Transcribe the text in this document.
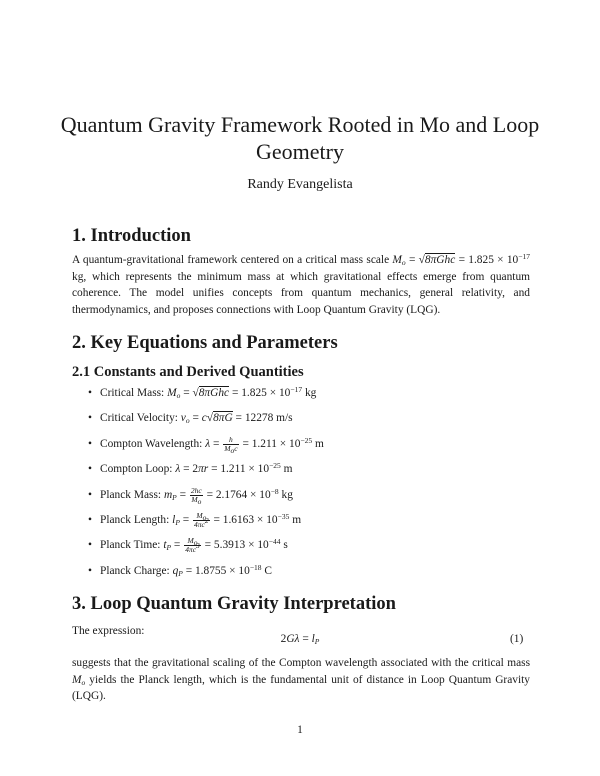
Quantum Gravity Framework Rooted in Mo and Loop Geometry
Randy Evangelista
1. Introduction
A quantum-gravitational framework centered on a critical mass scale $M_o = √8\pi Ghc = 1.825 \times 10^{-17}$ kg, which represents the minimum mass at which gravitational effects emerge from quantum coherence. The model unifies concepts from quantum mechanics, general relativity, and thermodynamics, and proposes connections with Loop Quantum Gravity (LQG).
2. Key Equations and Parameters
2.1 Constants and Derived Quantities
• Critical Mass: $M_o = √8\pi Ghc = 1.825 \times 10^{-17}$ kg
• Critical Velocity: $v_o = c√8\pi G = 12278$ m/s
• Compton Wavelength: $\lambda = \frac{h}{M_oc} = 1.211 \times 10^{-25}$ m
• Compton Loop: $\lambda = 2\pi r = 1.211 \times 10^{-25}$ m
• Planck Mass: $m_P = \frac{2hc}{M_o} = 2.1764 \times 10^{-8}$ kg
• Planck Length: $l_P = \frac{M_o}{4\pi c^2} = 1.6163 \times 10^{-35}$ m
• Planck Time: $t_P = \frac{M_o}{4\pi c^3} = 5.3913 \times 10^{-44}$ s
• Planck Charge: $q_P = 1.8755 \times 10^{-18}$ C
3. Loop Quantum Gravity Interpretation
The expression:
$2G\lambda = l_P$	(1)
suggests that the gravitational scaling of the Compton wavelength associated with the critical mass $M_o$ yields the Planck length, which is the fundamental unit of distance in Loop Quantum Gravity (LQG).
1
